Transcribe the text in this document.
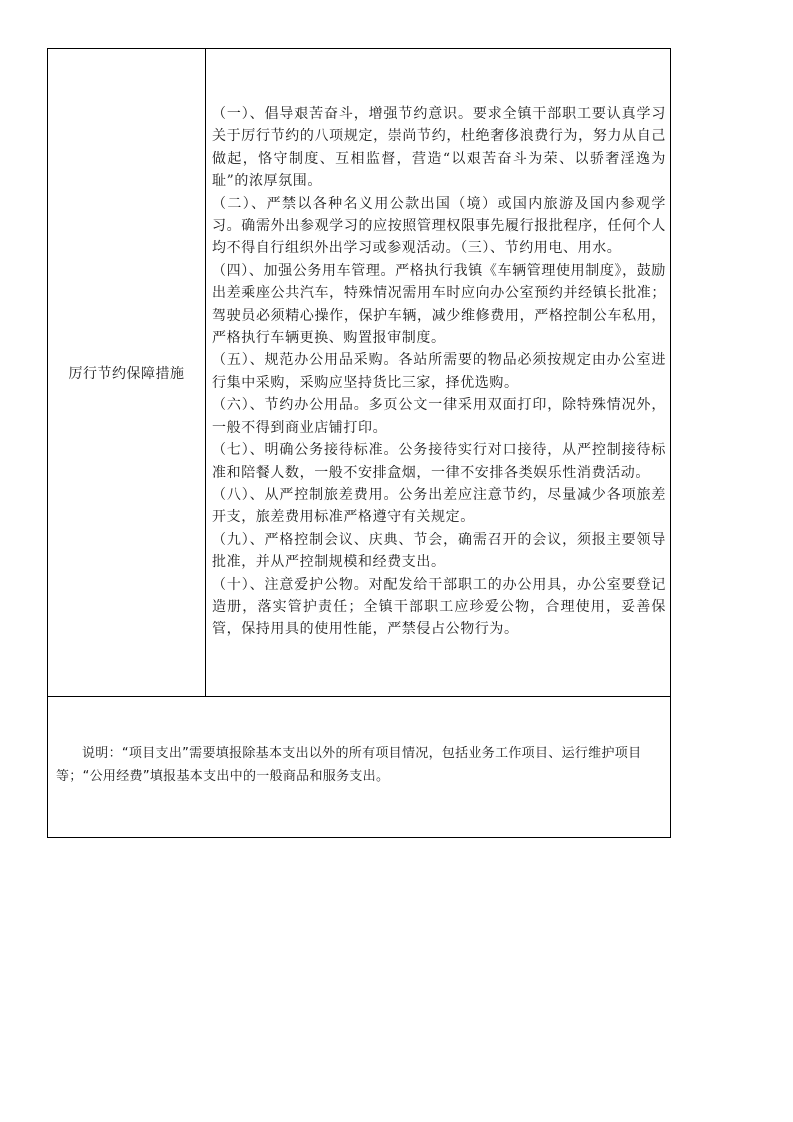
厉行节约保障措施

（一）、倡导艰苦奋斗，增强节约意识。要求全镇干部职工要认真学习关于厉行节约的八项规定，崇尚节约，杜绝奢侈浪费行为，努力从自己做起，恪守制度、互相监督，营造“以艰苦奋斗为荣、以骄奢淫逸为耻”的浓厚氛围。

（二）、严禁以各种名义用公款出国（境）或国内旅游及国内参观学习。确需外出参观学习的应按照管理权限事先履行报批程序，任何个人均不得自行组织外出学习或参观活动。（三）、节约用电、用水。

（四）、加强公务用车管理。严格执行我镇《车辆管理使用制度》，鼓励出差乘座公共汽车，特殊情况需用车时应向办公室预约并经镇长批准；驾驶员必须精心操作，保护车辆，减少维修费用，严格控制公车私用，严格执行车辆更换、购置报审制度。

（五）、规范办公用品采购。各站所需要的物品必须按规定由办公室进行集中采购，采购应坚持货比三家，择优选购。

（六）、节约办公用品。多页公文一律采用双面打印，除特殊情况外，一般不得到商业店铺打印。

（七）、明确公务接待标准。公务接待实行对口接待，从严控制接待标准和陪餐人数，一般不安排盒烟，一律不安排各类娱乐性消费活动。

（八）、从严控制旅差费用。公务出差应注意节约，尽量减少各项旅差开支，旅差费用标准严格遵守有关规定。

（九）、严格控制会议、庆典、节会，确需召开的会议，须报主要领导批准，并从严控制规模和经费支出。

（十）、注意爱护公物。对配发给干部职工的办公用具，办公室要登记造册，落实管护责任；全镇干部职工应珍爱公物，合理使用，妥善保管，保持用具的使用性能，严禁侵占公物行为。

说明：“项目支出”需要填报除基本支出以外的所有项目情况，包括业务工作项目、运行维护项目等；“公用经费”填报基本支出中的一般商品和服务支出。
